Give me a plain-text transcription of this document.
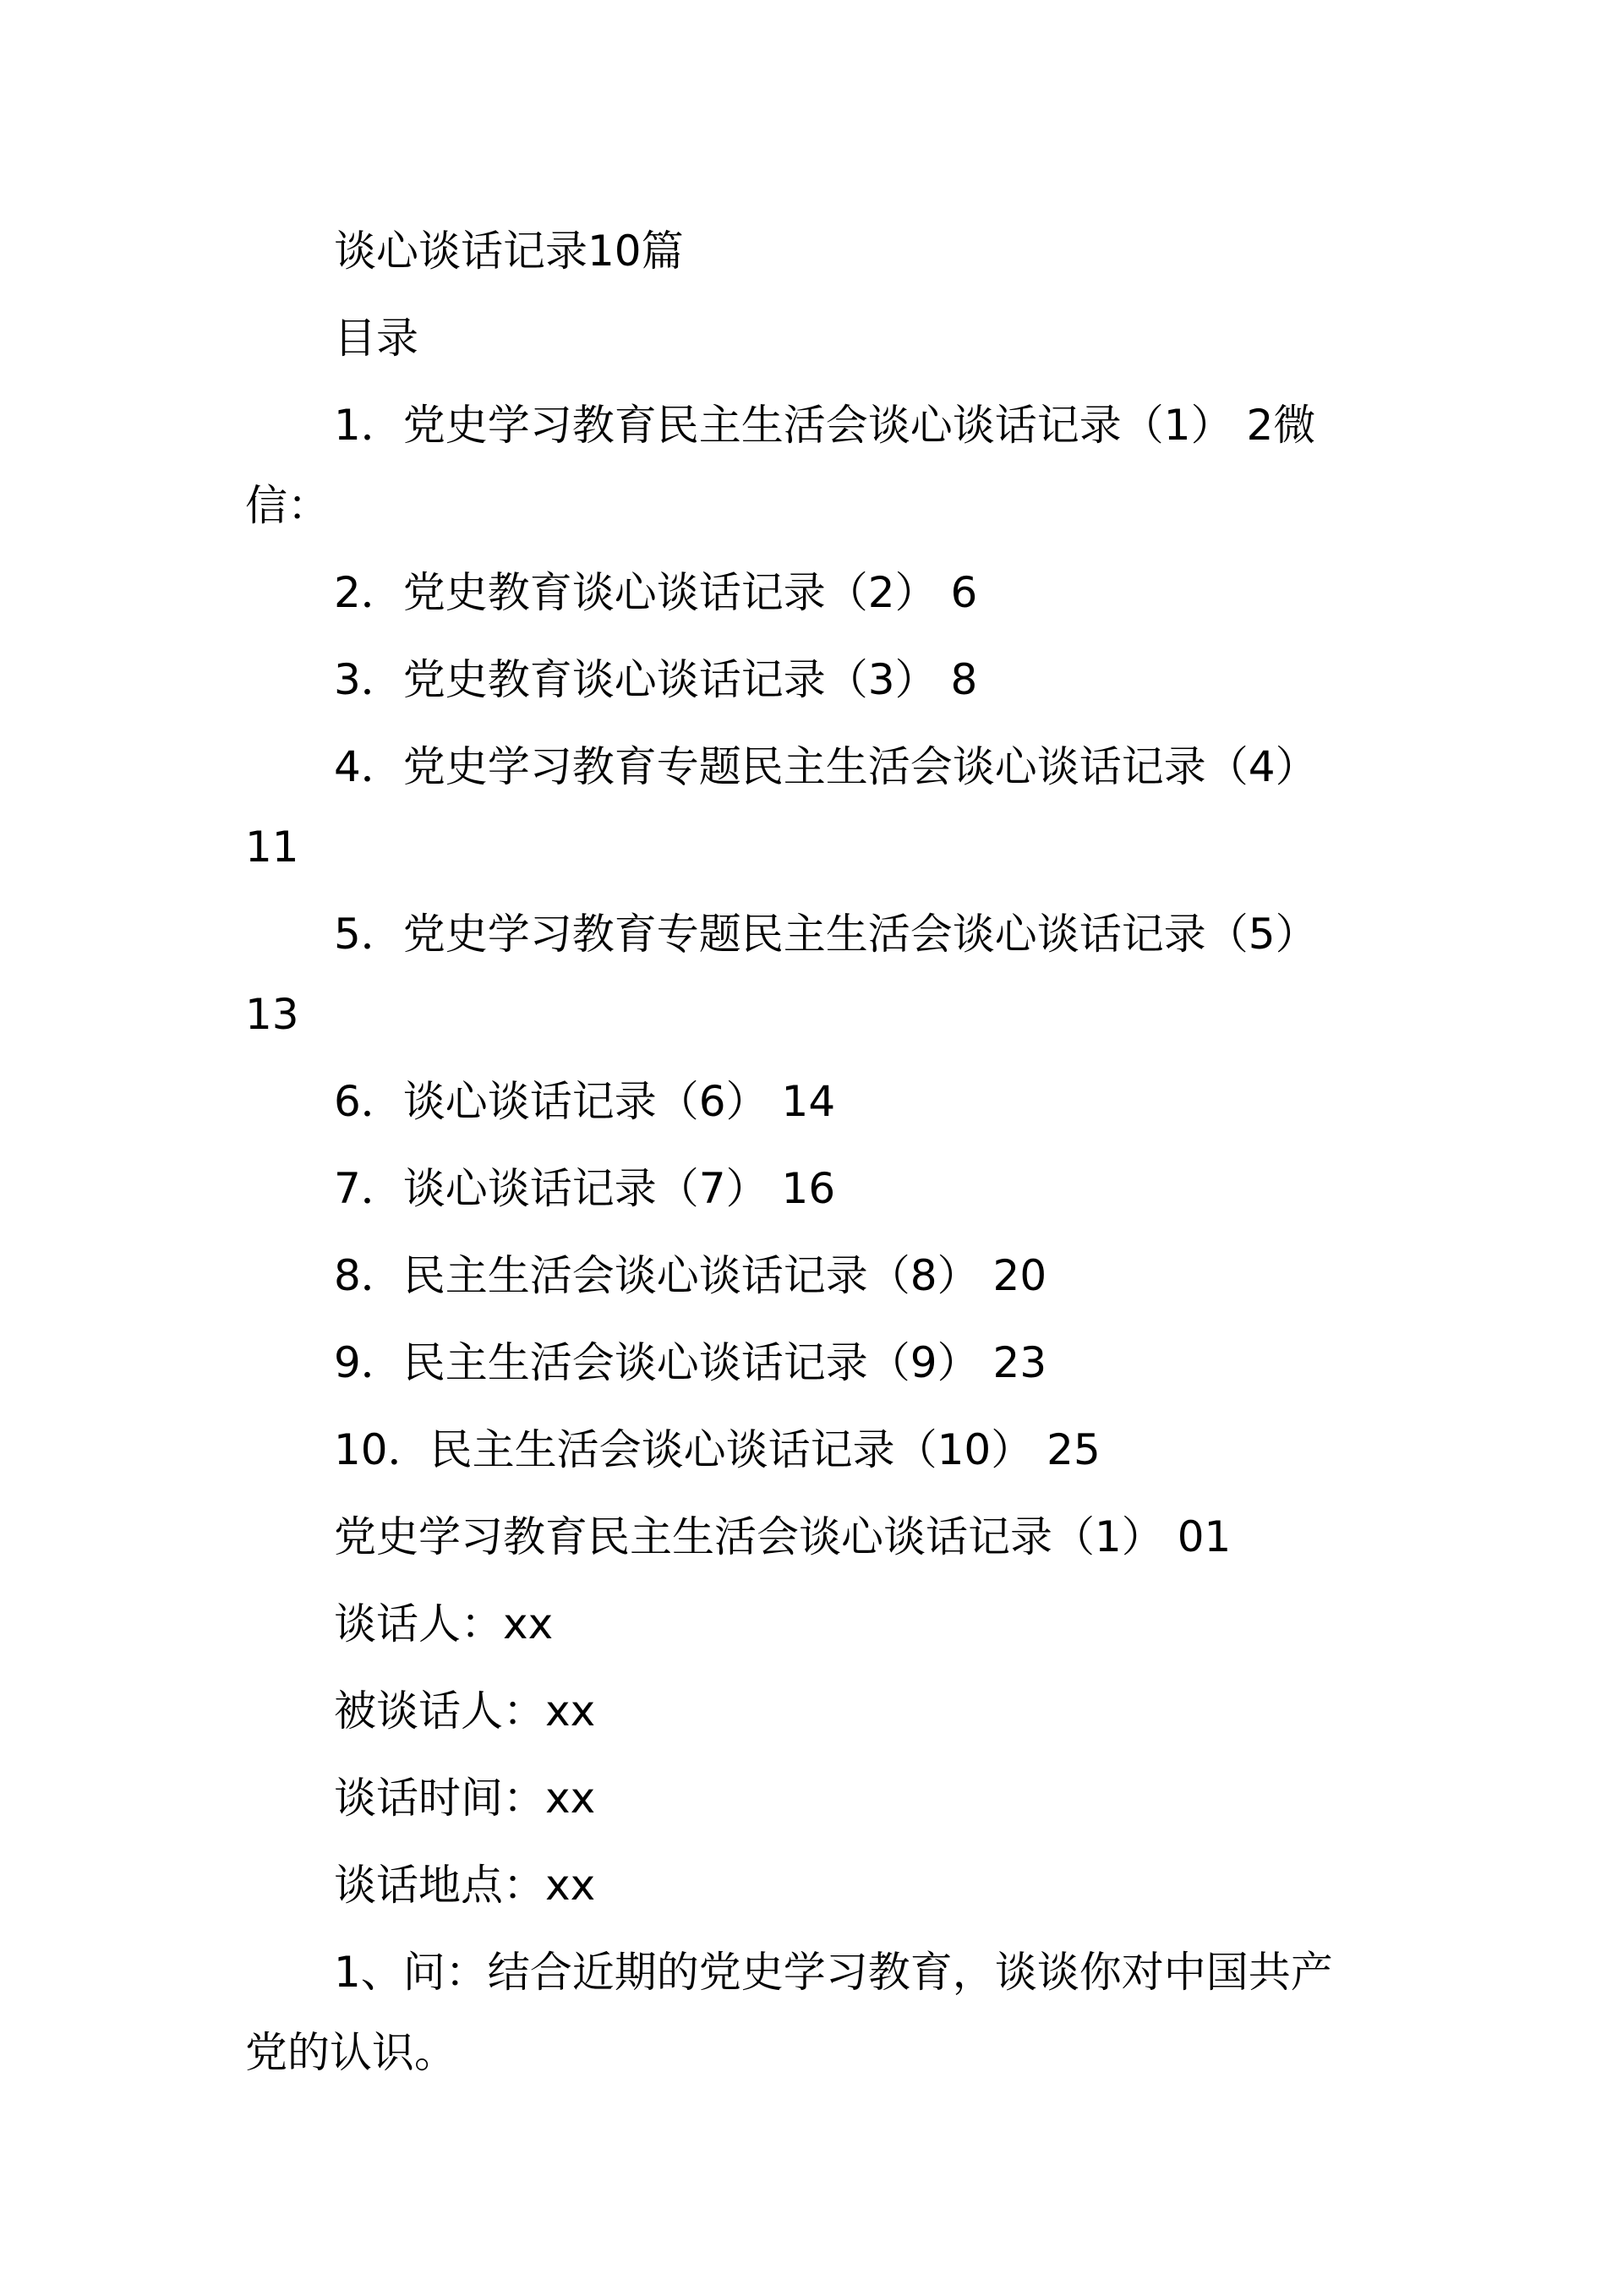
谈心谈话记录10篇
目录
1．党史学习教育民主生活会谈心谈话记录（1） 2微
信：
2．党史教育谈心谈话记录（2） 6
3．党史教育谈心谈话记录（3） 8
4．党史学习教育专题民主生活会谈心谈话记录（4）
11
5．党史学习教育专题民主生活会谈心谈话记录（5）
13
6．谈心谈话记录（6） 14
7．谈心谈话记录（7） 16
8．民主生活会谈心谈话记录（8） 20
9．民主生活会谈心谈话记录（9） 23
10．民主生活会谈心谈话记录（10） 25
党史学习教育民主生活会谈心谈话记录（1） 01
谈话人：xx
被谈话人：xx
谈话时间：xx
谈话地点：xx
1、问：结合近期的党史学习教育，谈谈你对中国共产
党的认识。
